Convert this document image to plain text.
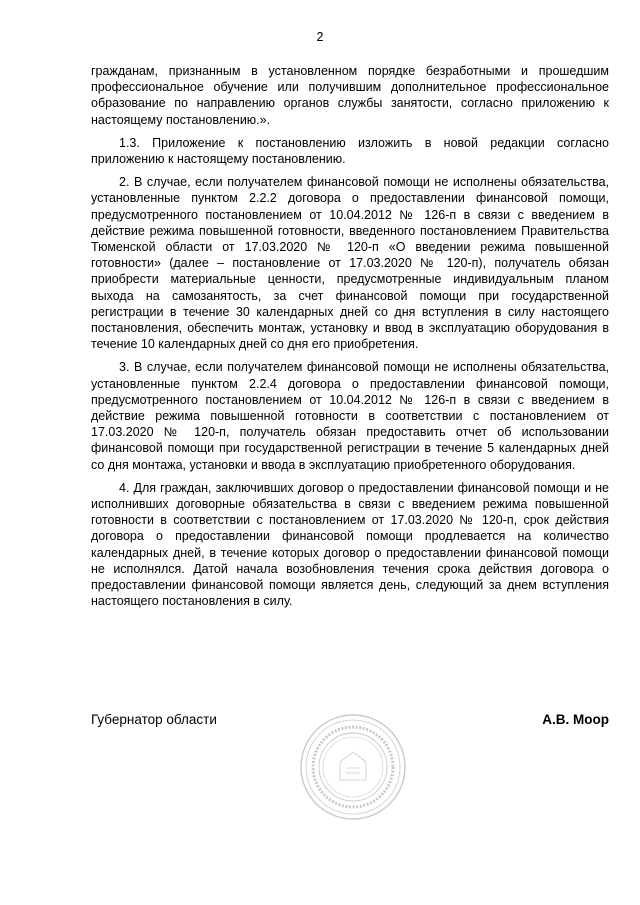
2

гражданам, признанным в установленном порядке безработными и прошедшим профессиональное обучение или получившим дополнительное профессиональное образование по направлению органов службы занятости, согласно приложению к настоящему постановлению.».

1.3. Приложение к постановлению изложить в новой редакции согласно приложению к настоящему постановлению.

2. В случае, если получателем финансовой помощи не исполнены обязательства, установленные пунктом 2.2.2 договора о предоставлении финансовой помощи, предусмотренного постановлением от 10.04.2012 № 126-п в связи с введением в действие режима повышенной готовности, введенного постановлением Правительства Тюменской области от 17.03.2020 № 120-п «О введении режима повышенной готовности» (далее – постановление от 17.03.2020 № 120-п), получатель обязан приобрести материальные ценности, предусмотренные индивидуальным планом выхода на самозанятость, за счет финансовой помощи при государственной регистрации в течение 30 календарных дней со дня вступления в силу настоящего постановления, обеспечить монтаж, установку и ввод в эксплуатацию оборудования в течение 10 календарных дней со дня его приобретения.

3. В случае, если получателем финансовой помощи не исполнены обязательства, установленные пунктом 2.2.4 договора о предоставлении финансовой помощи, предусмотренного постановлением от 10.04.2012 № 126-п в связи с введением в действие режима повышенной готовности в соответствии с постановлением от 17.03.2020 № 120-п, получатель обязан предоставить отчет об использовании финансовой помощи при государственной регистрации в течение 5 календарных дней со дня монтажа, установки и ввода в эксплуатацию приобретенного оборудования.

4. Для граждан, заключивших договор о предоставлении финансовой помощи и не исполнивших договорные обязательства в связи с введением режима повышенной готовности в соответствии с постановлением от 17.03.2020 № 120-п, срок действия договора о предоставлении финансовой помощи продлевается на количество календарных дней, в течение которых договор о предоставлении финансовой помощи не исполнялся. Датой начала возобновления течения срока действия договора о предоставлении финансовой помощи является день, следующий за днем вступления настоящего постановления в силу.

Губернатор области	А.В. Моор
